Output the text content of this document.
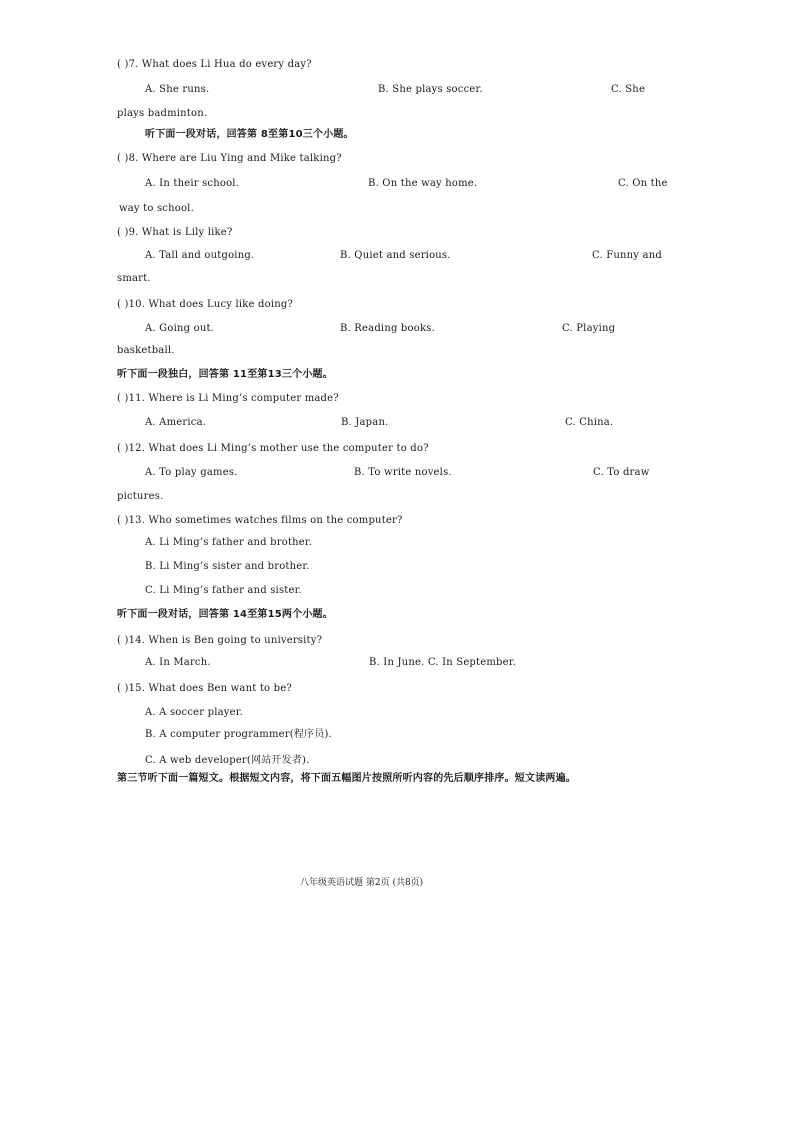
( )7. What does Li Hua do every day?
A. She runs.	B. She plays soccer.	C. She
plays badminton.
听下面一段对话，回答第 8至第10三个小题。
( )8. Where are Liu Ying and Mike talking?
A. In their school.	B. On the way home.	C. On the
way to school.
( )9. What is Lily like?
A. Tall and outgoing.	B. Quiet and serious.	C. Funny and
smart.
( )10. What does Lucy like doing?
A. Going out.	B. Reading books.	C. Playing
basketball.
听下面一段独白，回答第 11至第13三个小题。
( )11. Where is Li Ming’s computer made?
A. America.	B. Japan.	C. China.
( )12. What does Li Ming’s mother use the computer to do?
A. To play games.	B. To write novels.	C. To draw
pictures.
( )13. Who sometimes watches films on the computer?
A. Li Ming’s father and brother.
B. Li Ming’s sister and brother.
C. Li Ming’s father and sister.
听下面一段对话，回答第 14至第15两个小题。
( )14. When is Ben going to university?
A. In March.	B. In June. C. In September.
( )15. What does Ben want to be?
A. A soccer player.
B. A computer programmer(程序员).
C. A web developer(网站开发者).
第三节听下面一篇短文。根据短文内容，将下面五幅图片按照所听内容的先后顺序排序。短文读两遍。
八年级英语试题 第2页 (共8页)
